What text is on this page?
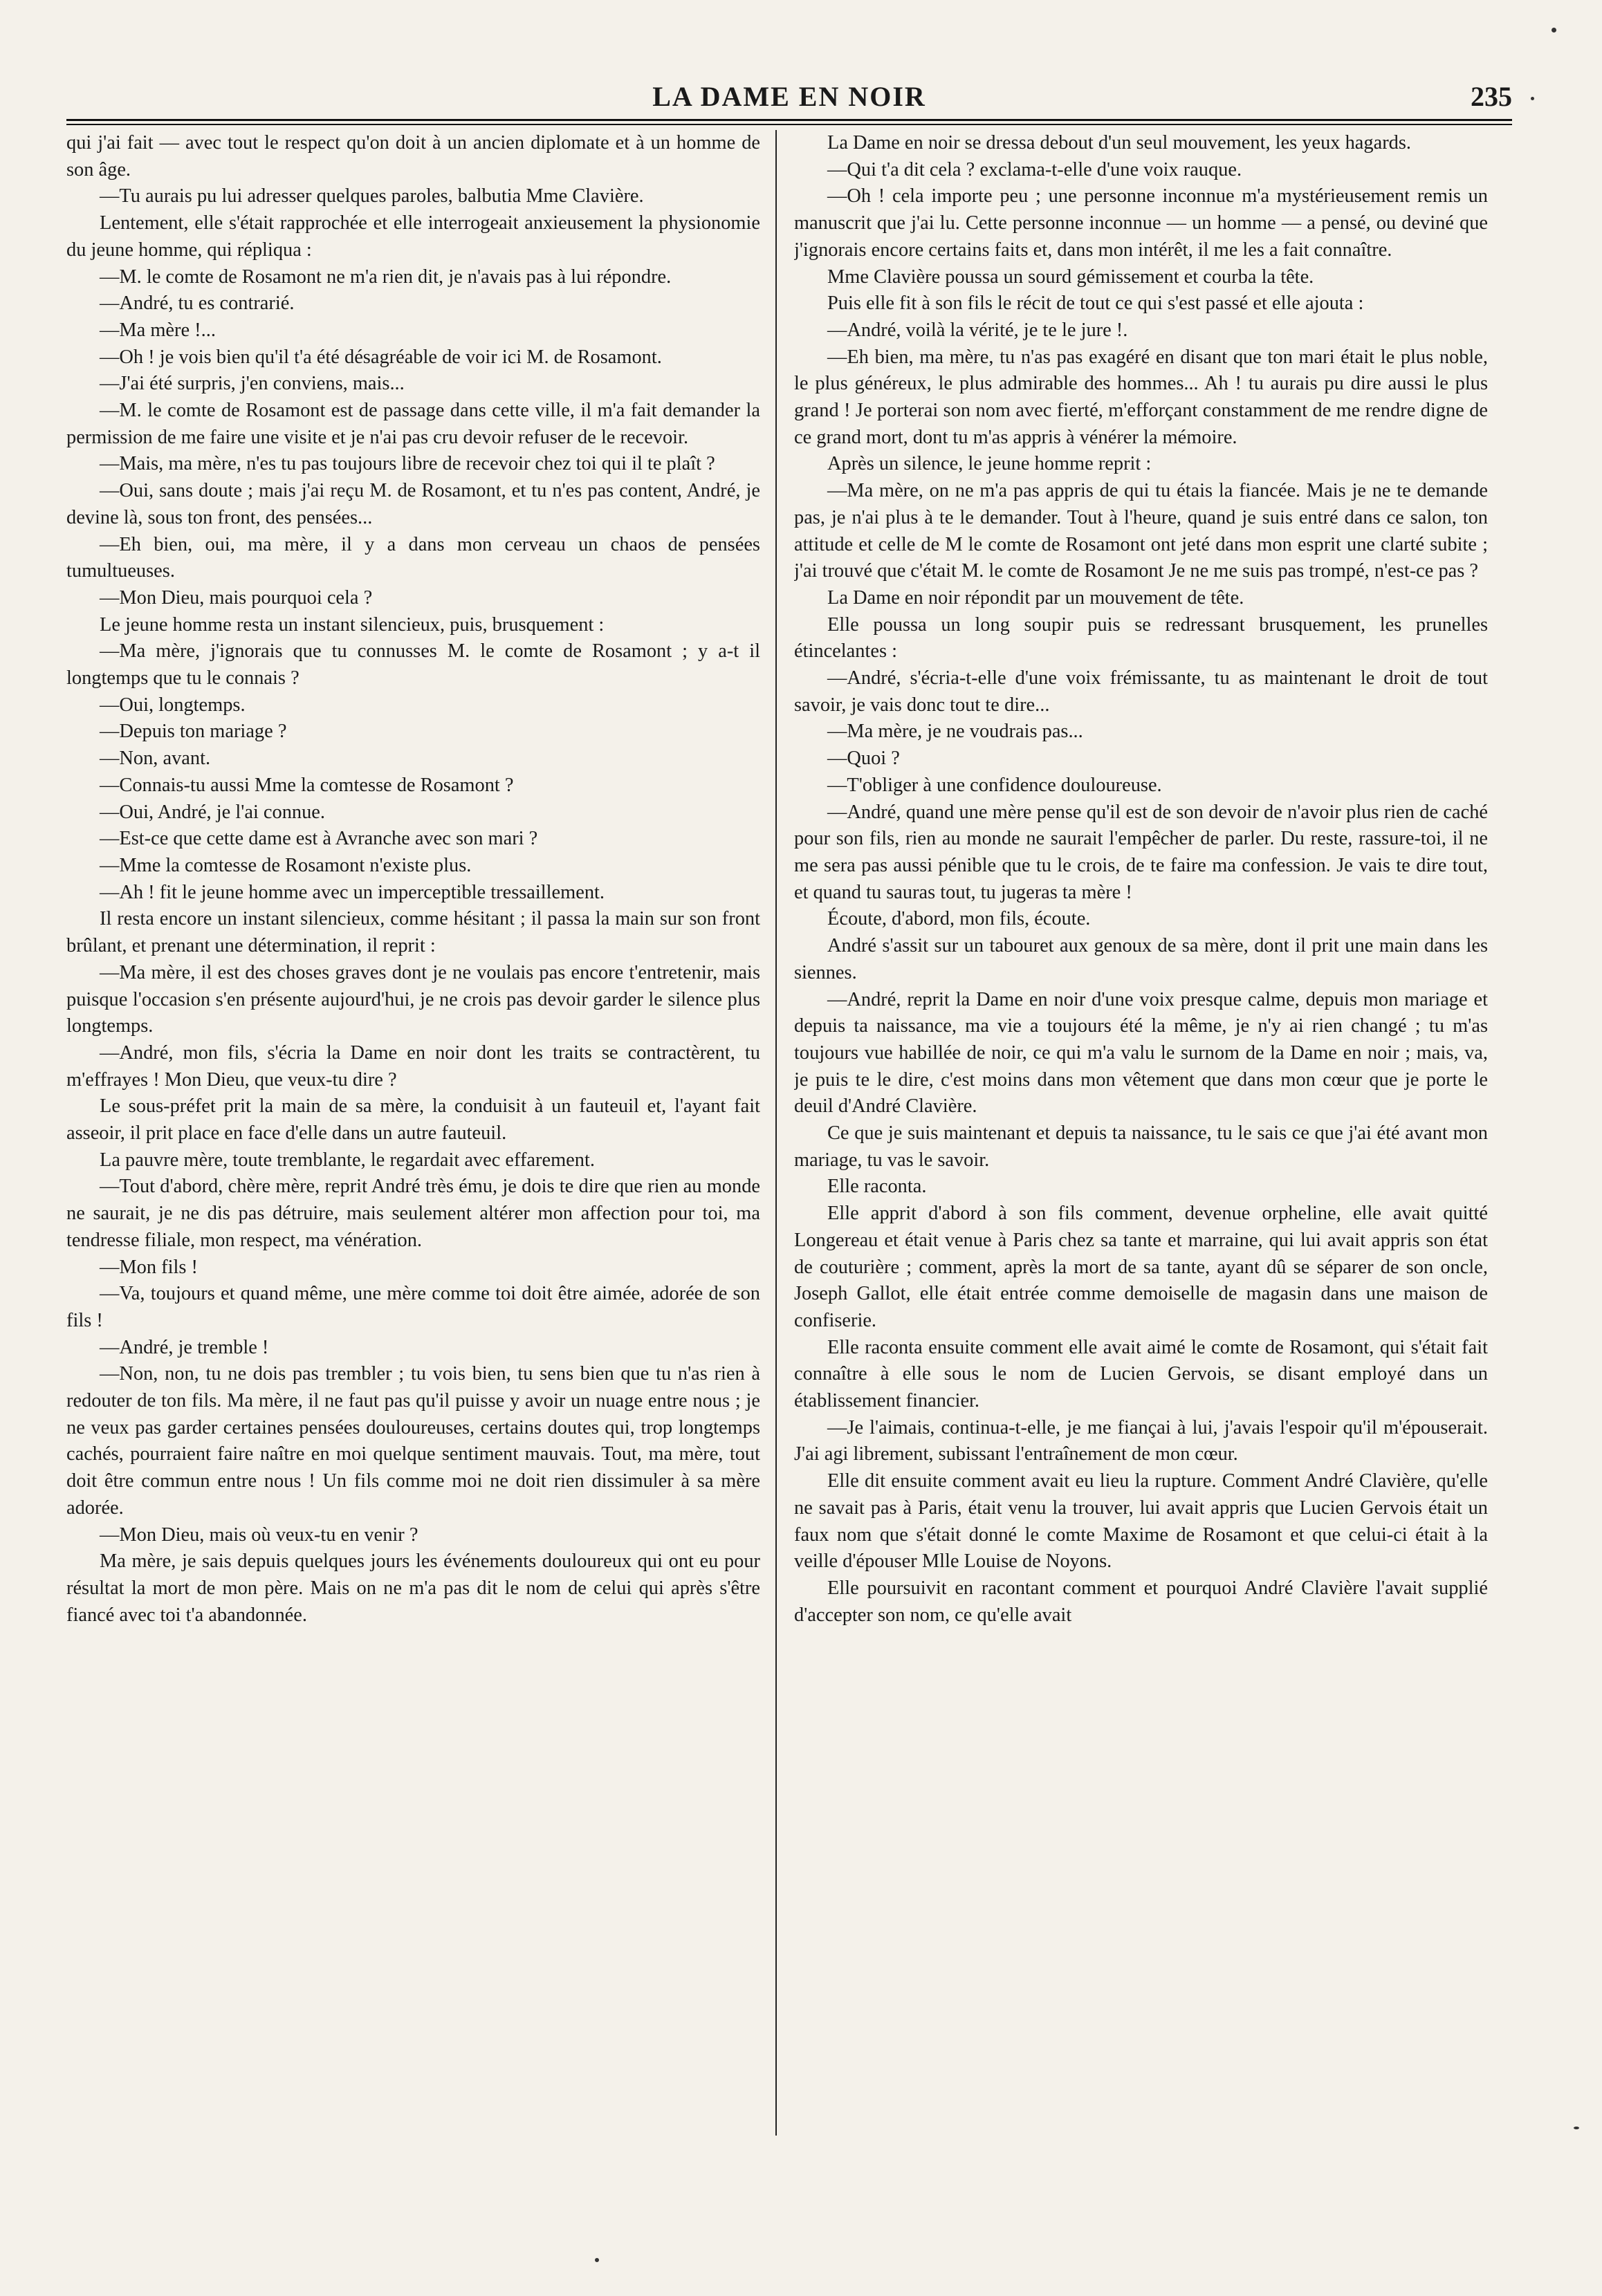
LA DAME EN NOIR	235

qui j'ai fait — avec tout le respect qu'on doit à un ancien diplomate et à un homme de son âge.

—Tu aurais pu lui adresser quelques paroles, balbutia Mme Clavière.

Lentement, elle s'était rapprochée et elle interrogeait anxieusement la physionomie du jeune homme, qui répliqua :

—M. le comte de Rosamont ne m'a rien dit, je n'avais pas à lui répondre.

—André, tu es contrarié.

—Ma mère !...

—Oh ! je vois bien qu'il t'a été désagréable de voir ici M. de Rosamont.

—J'ai été surpris, j'en conviens, mais...

—M. le comte de Rosamont est de passage dans cette ville, il m'a fait demander la permission de me faire une visite et je n'ai pas cru devoir refuser de le recevoir.

—Mais, ma mère, n'es tu pas toujours libre de recevoir chez toi qui il te plaît ?

—Oui, sans doute ; mais j'ai reçu M. de Rosamont, et tu n'es pas content, André, je devine là, sous ton front, des pensées...

—Eh bien, oui, ma mère, il y a dans mon cerveau un chaos de pensées tumultueuses.

—Mon Dieu, mais pourquoi cela ?

Le jeune homme resta un instant silencieux, puis, brusquement :

—Ma mère, j'ignorais que tu connusses M. le comte de Rosamont ; y a-t il longtemps que tu le connais ?

—Oui, longtemps.

—Depuis ton mariage ?

—Non, avant.

—Connais-tu aussi Mme la comtesse de Rosamont ?

—Oui, André, je l'ai connue.

—Est-ce que cette dame est à Avranche avec son mari ?

—Mme la comtesse de Rosamont n'existe plus.

—Ah ! fit le jeune homme avec un imperceptible tressaillement.

Il resta encore un instant silencieux, comme hésitant ; il passa la main sur son front brûlant, et prenant une détermination, il reprit :

—Ma mère, il est des choses graves dont je ne voulais pas encore t'entretenir, mais puisque l'occasion s'en présente aujourd'hui, je ne crois pas devoir garder le silence plus longtemps.

—André, mon fils, s'écria la Dame en noir dont les traits se contractèrent, tu m'effrayes ! Mon Dieu, que veux-tu dire ?

Le sous-préfet prit la main de sa mère, la conduisit à un fauteuil et, l'ayant fait asseoir, il prit place en face d'elle dans un autre fauteuil.

La pauvre mère, toute tremblante, le regardait avec effarement.

—Tout d'abord, chère mère, reprit André très ému, je dois te dire que rien au monde ne saurait, je ne dis pas détruire, mais seulement altérer mon affection pour toi, ma tendresse filiale, mon respect, ma vénération.

—Mon fils !

—Va, toujours et quand même, une mère comme toi doit être aimée, adorée de son fils !

—André, je tremble !

—Non, non, tu ne dois pas trembler ; tu vois bien, tu sens bien que tu n'as rien à redouter de ton fils. Ma mère, il ne faut pas qu'il puisse y avoir un nuage entre nous ; je ne veux pas garder certaines pensées douloureuses, certains doutes qui, trop longtemps cachés, pourraient faire naître en moi quelque sentiment mauvais. Tout, ma mère, tout doit être commun entre nous ! Un fils comme moi ne doit rien dissimuler à sa mère adorée.

—Mon Dieu, mais où veux-tu en venir ?

Ma mère, je sais depuis quelques jours les événements douloureux qui ont eu pour résultat la mort de mon père. Mais on ne m'a pas dit le nom de celui qui après s'être fiancé avec toi t'a abandonnée.

La Dame en noir se dressa debout d'un seul mouvement, les yeux hagards.

—Qui t'a dit cela ? exclama-t-elle d'une voix rauque.

—Oh ! cela importe peu ; une personne inconnue m'a mystérieusement remis un manuscrit que j'ai lu. Cette personne inconnue — un homme — a pensé, ou deviné que j'ignorais encore certains faits et, dans mon intérêt, il me les a fait connaître.

Mme Clavière poussa un sourd gémissement et courba la tête.

Puis elle fit à son fils le récit de tout ce qui s'est passé et elle ajouta :

—André, voilà la vérité, je te le jure !.

—Eh bien, ma mère, tu n'as pas exagéré en disant que ton mari était le plus noble, le plus généreux, le plus admirable des hommes... Ah ! tu aurais pu dire aussi le plus grand ! Je porterai son nom avec fierté, m'efforçant constamment de me rendre digne de ce grand mort, dont tu m'as appris à vénérer la mémoire.

Après un silence, le jeune homme reprit :

—Ma mère, on ne m'a pas appris de qui tu étais la fiancée. Mais je ne te demande pas, je n'ai plus à te le demander. Tout à l'heure, quand je suis entré dans ce salon, ton attitude et celle de M le comte de Rosamont ont jeté dans mon esprit une clarté subite ; j'ai trouvé que c'était M. le comte de Rosamont Je ne me suis pas trompé, n'est-ce pas ?

La Dame en noir répondit par un mouvement de tête.

Elle poussa un long soupir puis se redressant brusquement, les prunelles étincelantes :

—André, s'écria-t-elle d'une voix frémissante, tu as maintenant le droit de tout savoir, je vais donc tout te dire...

—Ma mère, je ne voudrais pas...

—Quoi ?

—T'obliger à une confidence douloureuse.

—André, quand une mère pense qu'il est de son devoir de n'avoir plus rien de caché pour son fils, rien au monde ne saurait l'empêcher de parler. Du reste, rassure-toi, il ne me sera pas aussi pénible que tu le crois, de te faire ma confession. Je vais te dire tout, et quand tu sauras tout, tu jugeras ta mère !

Écoute, d'abord, mon fils, écoute.

André s'assit sur un tabouret aux genoux de sa mère, dont il prit une main dans les siennes.

—André, reprit la Dame en noir d'une voix presque calme, depuis mon mariage et depuis ta naissance, ma vie a toujours été la même, je n'y ai rien changé ; tu m'as toujours vue habillée de noir, ce qui m'a valu le surnom de la Dame en noir ; mais, va, je puis te le dire, c'est moins dans mon vêtement que dans mon cœur que je porte le deuil d'André Clavière.

Ce que je suis maintenant et depuis ta naissance, tu le sais ce que j'ai été avant mon mariage, tu vas le savoir.

Elle raconta.

Elle apprit d'abord à son fils comment, devenue orpheline, elle avait quitté Longereau et était venue à Paris chez sa tante et marraine, qui lui avait appris son état de couturière ; comment, après la mort de sa tante, ayant dû se séparer de son oncle, Joseph Gallot, elle était entrée comme demoiselle de magasin dans une maison de confiserie.

Elle raconta ensuite comment elle avait aimé le comte de Rosamont, qui s'était fait connaître à elle sous le nom de Lucien Gervois, se disant employé dans un établissement financier.

—Je l'aimais, continua-t-elle, je me fiançai à lui, j'avais l'espoir qu'il m'épouserait. J'ai agi librement, subissant l'entraînement de mon cœur.

Elle dit ensuite comment avait eu lieu la rupture. Comment André Clavière, qu'elle ne savait pas à Paris, était venu la trouver, lui avait appris que Lucien Gervois était un faux nom que s'était donné le comte Maxime de Rosamont et que celui-ci était à la veille d'épouser Mlle Louise de Noyons.

Elle poursuivit en racontant comment et pourquoi André Clavière l'avait supplié d'accepter son nom, ce qu'elle avait
